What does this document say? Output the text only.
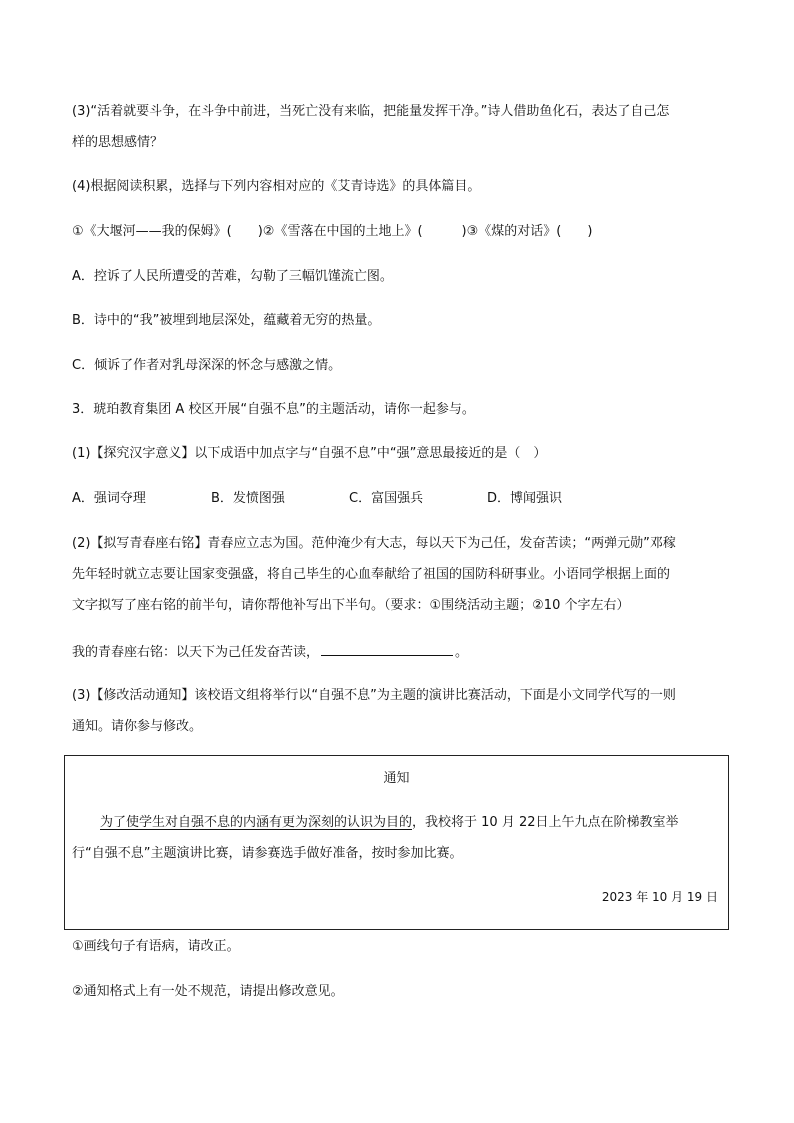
(3)“活着就要斗争，在斗争中前进，当死亡没有来临，把能量发挥干净。”诗人借助鱼化石，表达了自己怎
样的思想感情？
(4)根据阅读积累，选择与下列内容相对应的《艾青诗选》的具体篇目。
①《大堰河——我的保姆》(　　)②《雪落在中国的土地上》(　　　)③《煤的对话》(　　)
A．控诉了人民所遭受的苦难，勾勒了三幅饥馑流亡图。
B．诗中的“我”被埋到地层深处，蕴藏着无穷的热量。
C．倾诉了作者对乳母深深的怀念与感激之情。
3．琥珀教育集团 A 校区开展“自强不息”的主题活动，请你一起参与。
(1)【探究汉字意义】以下成语中加点字与“自强不息”中“强”意思最接近的是（　）
A．强词夺理	B．发愤图强	C．富国强兵	D．博闻强识
(2)【拟写青春座右铭】青春应立志为国。范仲淹少有大志，每以天下为己任，发奋苦读；“两弹元勋”邓稼
先年轻时就立志要让国家变强盛，将自己毕生的心血奉献给了祖国的国防科研事业。小语同学根据上面的
文字拟写了座右铭的前半句，请你帮他补写出下半句。（要求：①围绕活动主题；②10 个字左右）
我的青春座右铭：以天下为己任发奋苦读，	。
(3)【修改活动通知】该校语文组将举行以“自强不息”为主题的演讲比赛活动，下面是小文同学代写的一则
通知。请你参与修改。
通知
为了使学生对自强不息的内涵有更为深刻的认识为目的，我校将于 10 月 22日上午九点在阶梯教室举
行“自强不息”主题演讲比赛，请参赛选手做好准备，按时参加比赛。
2023 年 10 月 19 日
①画线句子有语病，请改正。
②通知格式上有一处不规范，请提出修改意见。
